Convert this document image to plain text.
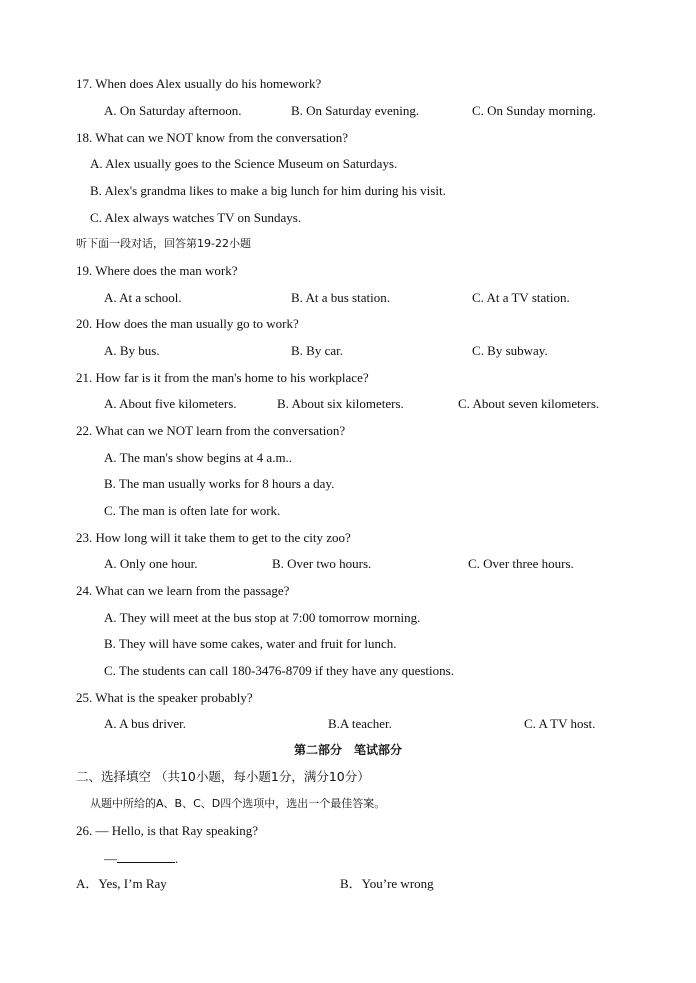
17. When does Alex usually do his homework?
A. On Saturday afternoon.	B. On Saturday evening.	C. On Sunday morning.
18. What can we NOT know from the conversation?
A. Alex usually goes to the Science Museum on Saturdays.
B. Alex's grandma likes to make a big lunch for him during his visit.
C. Alex always watches TV on Sundays.
听下面一段对话，回答第19-22小题
19. Where does the man work?
A. At a school.	B. At a bus station.	C. At a TV station.
20. How does the man usually go to work?
A. By bus.	B. By car.	C. By subway.
21. How far is it from the man's home to his workplace?
A. About five kilometers.	B. About six kilometers.	C. About seven kilometers.
22. What can we NOT learn from the conversation?
A. The man's show begins at 4 a.m..
B. The man usually works for 8 hours a day.
C. The man is often late for work.
23. How long will it take them to get to the city zoo?
A. Only one hour.	B. Over two hours.	C. Over three hours.
24. What can we learn from the passage?
A. They will meet at the bus stop at 7:00 tomorrow morning.
B. They will have some cakes, water and fruit for lunch.
C. The students can call 180-3476-8709 if they have any questions.
25. What is the speaker probably?
A. A bus driver.	B.A teacher.	C. A TV host.
第二部分　笔试部分
二、选择填空 （共10小题，每小题1分，满分10分）
从题中所给的A、B、C、D四个选项中，选出一个最佳答案。
26. — Hello, is that Ray speaking?
—	.
A．Yes, I’m Ray	B．You’re wrong
